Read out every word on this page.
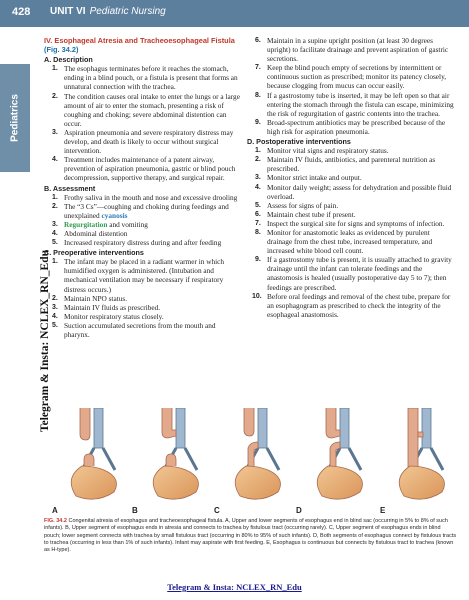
428 UNIT VI Pediatric Nursing
Pediatrics
Telegram & Insta: NCLEX_RN_Edu
IV. Esophageal Atresia and Tracheoesophageal Fistula (Fig. 34.2)
A. Description
1. The esophagus terminates before it reaches the stomach, ending in a blind pouch, or a fistula is present that forms an unnatural connection with the trachea.
2. The condition causes oral intake to enter the lungs or a large amount of air to enter the stomach, presenting a risk of coughing and choking; severe abdominal distention can occur.
3. Aspiration pneumonia and severe respiratory distress may develop, and death is likely to occur without surgical intervention.
4. Treatment includes maintenance of a patent airway, prevention of aspiration pneumonia, gastric or blind pouch decompression, supportive therapy, and surgical repair.
B. Assessment
1. Frothy saliva in the mouth and nose and excessive drooling
2. The “3 Cs”—coughing and choking during feedings and unexplained cyanosis
3. Regurgitation and vomiting
4. Abdominal distention
5. Increased respiratory distress during and after feeding
C. Preoperative interventions
1. The infant may be placed in a radiant warmer in which humidified oxygen is administered. (Intubation and mechanical ventilation may be necessary if respiratory distress occurs.)
2. Maintain NPO status.
3. Maintain IV fluids as prescribed.
4. Monitor respiratory status closely.
5. Suction accumulated secretions from the mouth and pharynx.
6. Maintain in a supine upright position (at least 30 degrees upright) to facilitate drainage and prevent aspiration of gastric secretions.
7. Keep the blind pouch empty of secretions by intermittent or continuous suction as prescribed; monitor its patency closely, because clogging from mucus can occur easily.
8. If a gastrostomy tube is inserted, it may be left open so that air entering the stomach through the fistula can escape, minimizing the risk of regurgitation of gastric contents into the trachea.
9. Broad-spectrum antibiotics may be prescribed because of the high risk for aspiration pneumonia.
D. Postoperative interventions
1. Monitor vital signs and respiratory status.
2. Maintain IV fluids, antibiotics, and parenteral nutrition as prescribed.
3. Monitor strict intake and output.
4. Monitor daily weight; assess for dehydration and possible fluid overload.
5. Assess for signs of pain.
6. Maintain chest tube if present.
7. Inspect the surgical site for signs and symptoms of infection.
8. Monitor for anastomotic leaks as evidenced by purulent drainage from the chest tube, increased temperature, and increased white blood cell count.
9. If a gastrostomy tube is present, it is usually attached to gravity drainage until the infant can tolerate feedings and the anastomosis is healed (usually postoperative day 5 to 7); then feedings are prescribed.
10. Before oral feedings and removal of the chest tube, prepare for an esophagogram as prescribed to check the integrity of the esophageal anastomosis.
A	B	C	D	E
FIG. 34.2 Congenital atresia of esophagus and tracheoesophageal fistula. A, Upper and lower segments of esophagus end in blind sac (occurring in 5% to 8% of such infants). B, Upper segment of esophagus ends in atresia and connects to trachea by fistulous tract (occurring rarely). C, Upper segment of esophagus ends in blind pouch; lower segment connects with trachea by small fistulous tract (occurring in 80% to 95% of such infants). D, Both segments of esophagus connect by fistulous tracts to trachea (occurring in less than 1% of such infants). Infant may aspirate with first feeding. E, Esophagus is continuous but connects by fistulous tract to trachea (known as H-type).
Telegram & Insta: NCLEX_RN_Edu
